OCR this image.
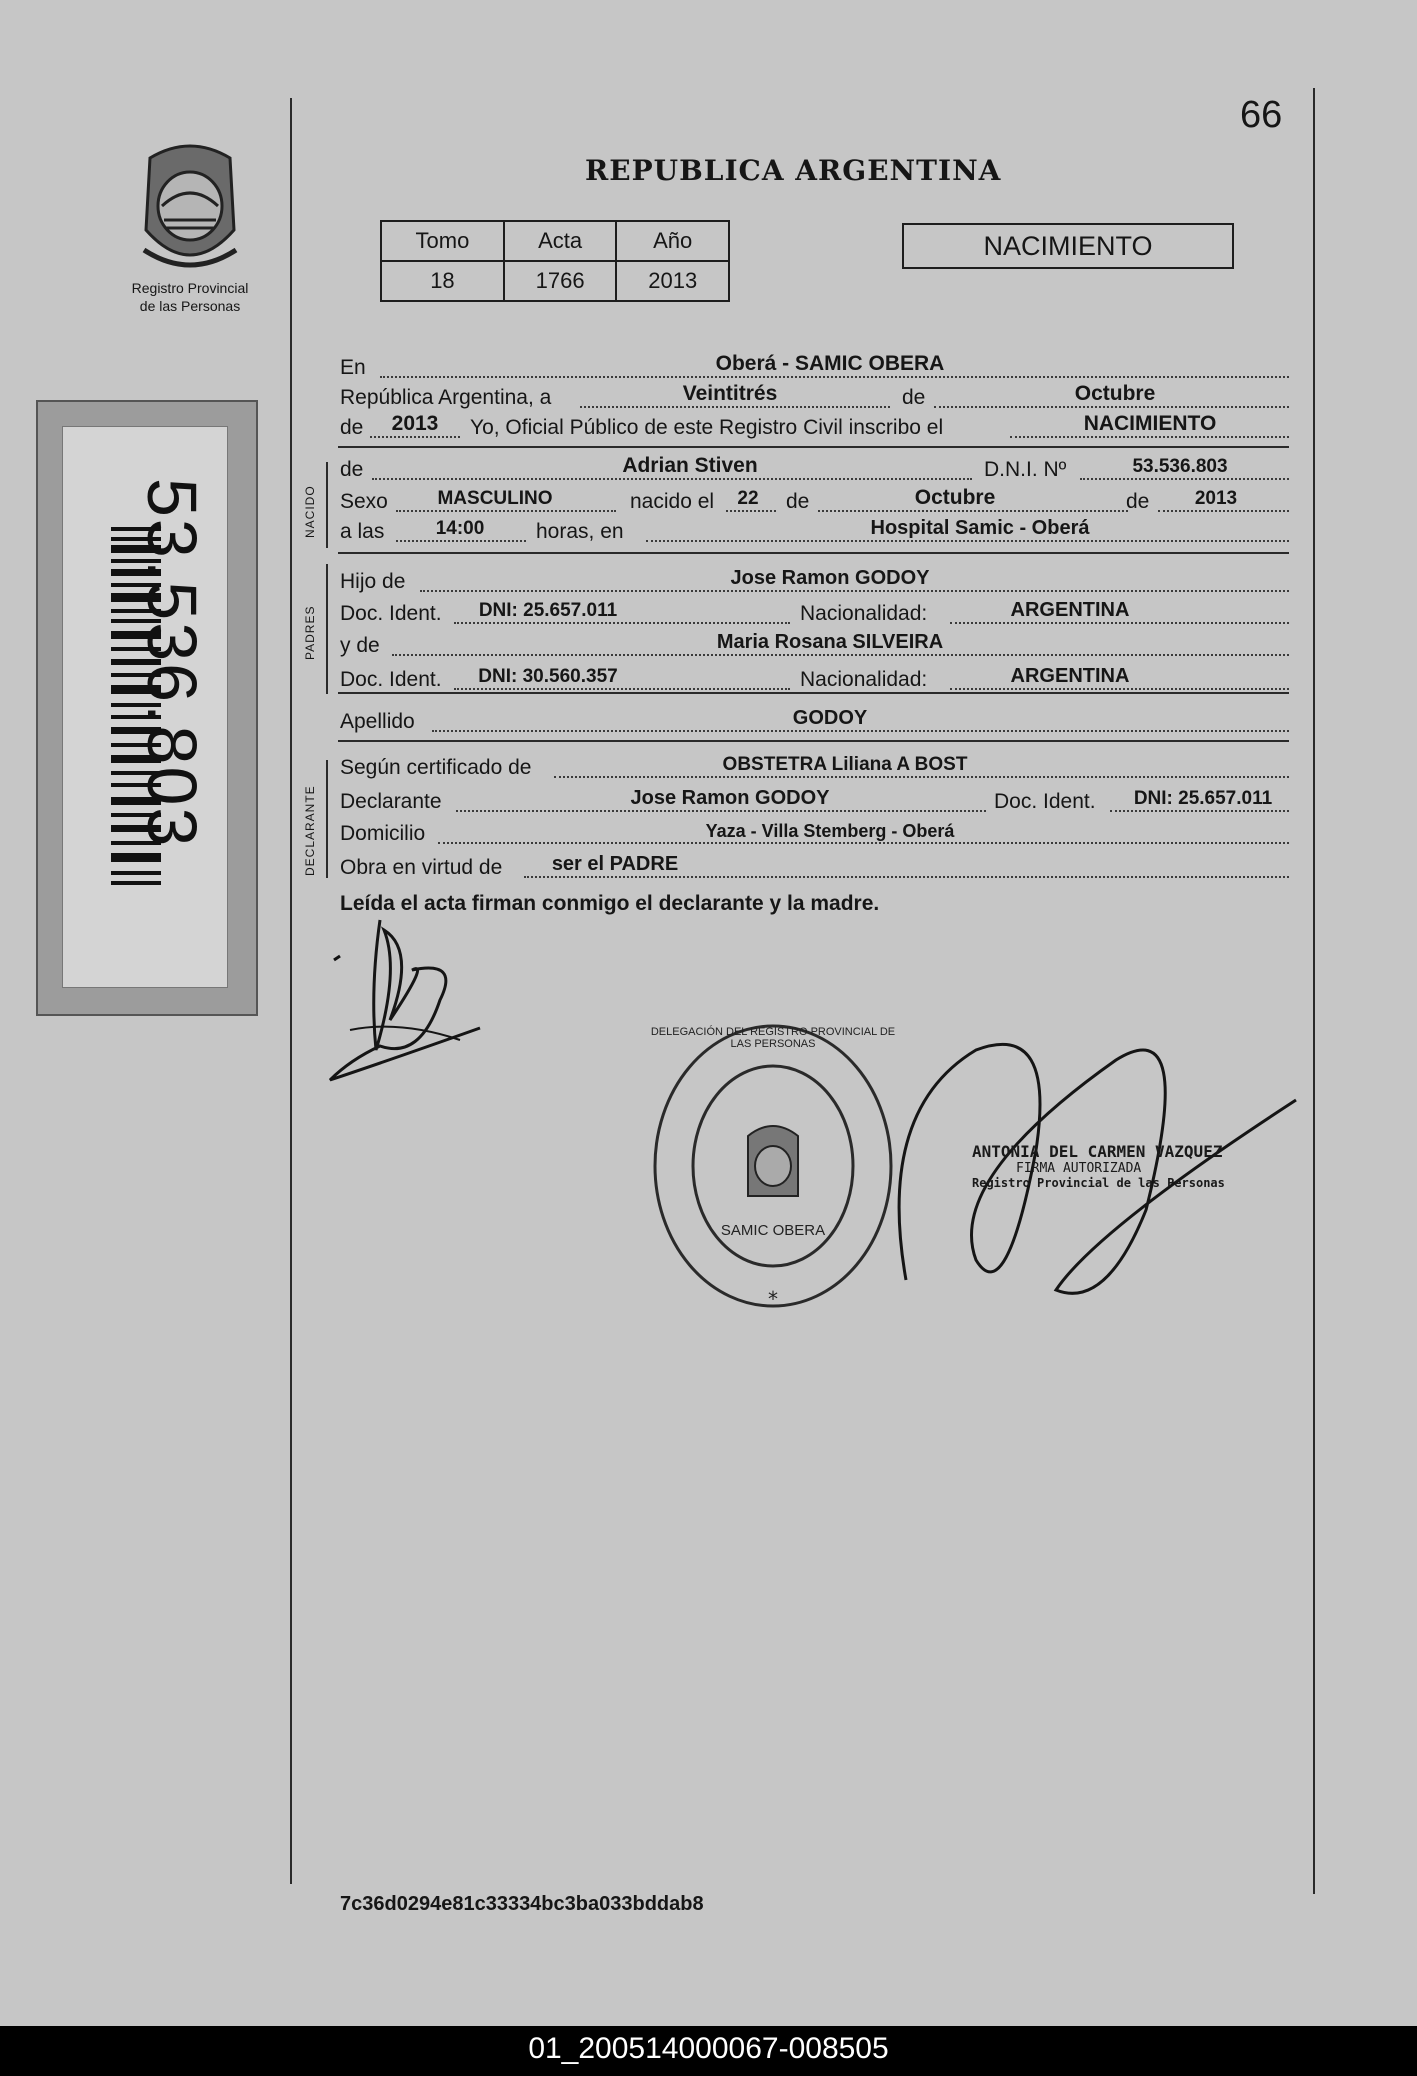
66
Registro Provincial
de las Personas
53.536.803
REPUBLICA ARGENTINA
Tomo	Acta	Año
18	1766	2013
NACIMIENTO
NACIDO
PADRES
DECLARANTE
En	Oberá - SAMIC OBERA
República Argentina, a	Veintitrés	de	Octubre
de	2013	Yo, Oficial Público de este Registro Civil inscribo el	NACIMIENTO
de	Adrian Stiven	D.N.I. Nº	53.536.803
Sexo	MASCULINO	nacido el	22	de	Octubre	de	2013
a las	14:00	horas, en	Hospital Samic - Oberá
Hijo de	Jose Ramon GODOY
Doc. Ident.	DNI: 25.657.011	Nacionalidad:	ARGENTINA
y de	Maria Rosana SILVEIRA
Doc. Ident.	DNI: 30.560.357	Nacionalidad:	ARGENTINA
Apellido	GODOY
Según certificado de	OBSTETRA Liliana A BOST
Declarante	Jose Ramon GODOY	Doc. Ident.	DNI: 25.657.011
Domicilio	Yaza - Villa Stemberg - Oberá
Obra en virtud de	ser el PADRE
Leída el acta firman conmigo el declarante y la madre.
*
DELEGACIÓN DEL REGISTRO PROVINCIAL DE LAS PERSONAS
SAMIC OBERA
ANTONIA DEL CARMEN VAZQUEZ
FIRMA AUTORIZADA
Registro Provincial de las Personas
7c36d0294e81c33334bc3ba033bddab8
01_200514000067-008505
